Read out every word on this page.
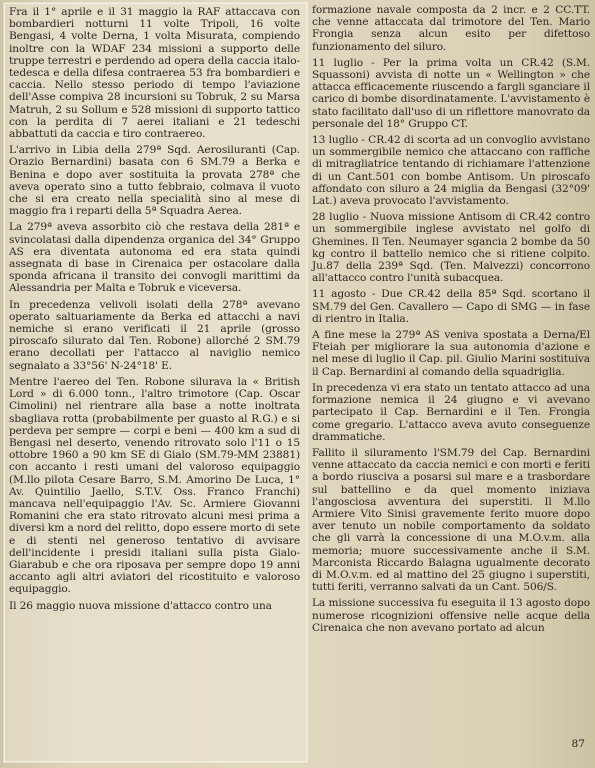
Fra il 1° aprile e il 31 maggio la RAF attaccava con bombardieri notturni 11 volte Tripoli, 16 volte Bengasi, 4 volte Derna, 1 volta Misurata, compiendo inoltre con la WDAF 234 missioni a supporto delle truppe terrestri e perdendo ad opera della caccia italo-tedesca e della difesa contraerea 53 fra bombardieri e caccia. Nello stesso periodo di tempo l'aviazione dell'Asse compiva 28 incursioni su Tobruk, 2 su Marsa Matruh, 2 su Sollum e 528 missioni di supporto tattico con la perdita di 7 aerei italiani e 21 tedeschi abbattuti da caccia e tiro contraereo.

L'arrivo in Libia della 279ª Sqd. Aerosiluranti (Cap. Orazio Bernardini) basata con 6 SM.79 a Berka e Benina e dopo aver sostituita la provata 278ª che aveva operato sino a tutto febbraio, colmava il vuoto che si era creato nella specialità sino al mese di maggio fra i reparti della 5ª Squadra Aerea.

La 279ª aveva assorbito ciò che restava della 281ª e svincolatasi dalla dipendenza organica del 34° Gruppo AS era diventata autonoma ed era stata quindi assegnata di base in Cirenaica per ostacolare dalla sponda africana il transito dei convogli marittimi da Alessandria per Malta e Tobruk e viceversa.

In precedenza velivoli isolati della 278ª avevano operato saltuariamente da Berka ed attacchi a navi nemiche si erano verificati il 21 aprile (grosso piroscafo silurato dal Ten. Robone) allorché 2 SM.79 erano decollati per l'attacco al naviglio nemico segnalato a 33°56' N-24°18' E.

Mentre l'aereo del Ten. Robone silurava la « British Lord » di 6.000 tonn., l'altro trimotore (Cap. Oscar Cimolini) nel rientrare alla base a notte inoltrata sbagliava rotta (probabilmente per guasto al R.G.) e si perdeva per sempre — corpi e beni — 400 km a sud di Bengasi nel deserto, venendo ritrovato solo l'11 o 15 ottobre 1960 a 90 km SE di Gialo (SM.79-MM 23881) con accanto i resti umani del valoroso equipaggio (M.llo pilota Cesare Barro, S.M. Amorino De Luca, 1° Av. Quintilio Jaello, S.T.V. Oss. Franco Franchi) mancava nell'equipaggio l'Av. Sc. Armiere Giovanni Romanini che era stato ritrovato alcuni mesi prima a diversi km a nord del relitto, dopo essere morto di sete e di stenti nel generoso tentativo di avvisare dell'incidente i presidi italiani sulla pista Gialo-Giarabub e che ora riposava per sempre dopo 19 anni accanto agli altri aviatori del ricostituito e valoroso equipaggio.

Il 26 maggio nuova missione d'attacco contro una

formazione navale composta da 2 incr. e 2 CC.TT. che venne attaccata dal trimotore del Ten. Mario Frongia senza alcun esito per difettoso funzionamento del siluro.

11 luglio - Per la prima volta un CR.42 (S.M. Squassoni) avvista di notte un « Wellington » che attacca efficacemente riuscendo a fargli sganciare il carico di bombe disordinatamente. L'avvistamento è stato facilitato dall'uso di un riflettore manovrato da personale del 18° Gruppo CT.

13 luglio - CR.42 di scorta ad un convoglio avvistano un sommergibile nemico che attaccano con raffiche di mitragliatrice tentando di richiamare l'attenzione di un Cant.501 con bombe Antisom. Un piroscafo affondato con siluro a 24 miglia da Bengasi (32°09' Lat.) aveva provocato l'avvistamento.

28 luglio - Nuova missione Antisom di CR.42 contro un sommergibile inglese avvistato nel golfo di Ghemines. Il Ten. Neumayer sgancia 2 bombe da 50 kg contro il battello nemico che si ritiene colpito. Ju.87 della 239ª Sqd. (Ten. Malvezzi) concorrono all'attacco contro l'unità subacquea.

11 agosto - Due CR.42 della 85ª Sqd. scortano il SM.79 del Gen. Cavallero — Capo di SMG — in fase di rientro in Italia.

A fine mese la 279ª AS veniva spostata a Derna/El Fteiah per migliorare la sua autonomia d'azione e nel mese di luglio il Cap. pil. Giulio Marini sostituiva il Cap. Bernardini al comando della squadriglia.

In precedenza vi era stato un tentato attacco ad una formazione nemica il 24 giugno e vi avevano partecipato il Cap. Bernardini e il Ten. Frongia come gregario. L'attacco aveva avuto conseguenze drammatiche.

Fallito il siluramento l'SM.79 del Cap. Bernardini venne attaccato da caccia nemici e con morti e feriti a bordo riusciva a posarsi sul mare e a trasbordare sul battellino e da quel momento iniziava l'angosciosa avventura dei superstiti. Il M.llo Armiere Vito Sinisi gravemente ferito muore dopo aver tenuto un nobile comportamento da soldato che gli varrà la concessione di una M.O.v.m. alla memoria; muore successivamente anche il S.M. Marconista Riccardo Balagna ugualmente decorato di M.O.v.m. ed al mattino del 25 giugno i superstiti, tutti feriti, verranno salvati da un Cant. 506/S.

La missione successiva fu eseguita il 13 agosto dopo numerose ricognizioni offensive nelle acque della Cirenaica che non avevano portato ad alcun

87
